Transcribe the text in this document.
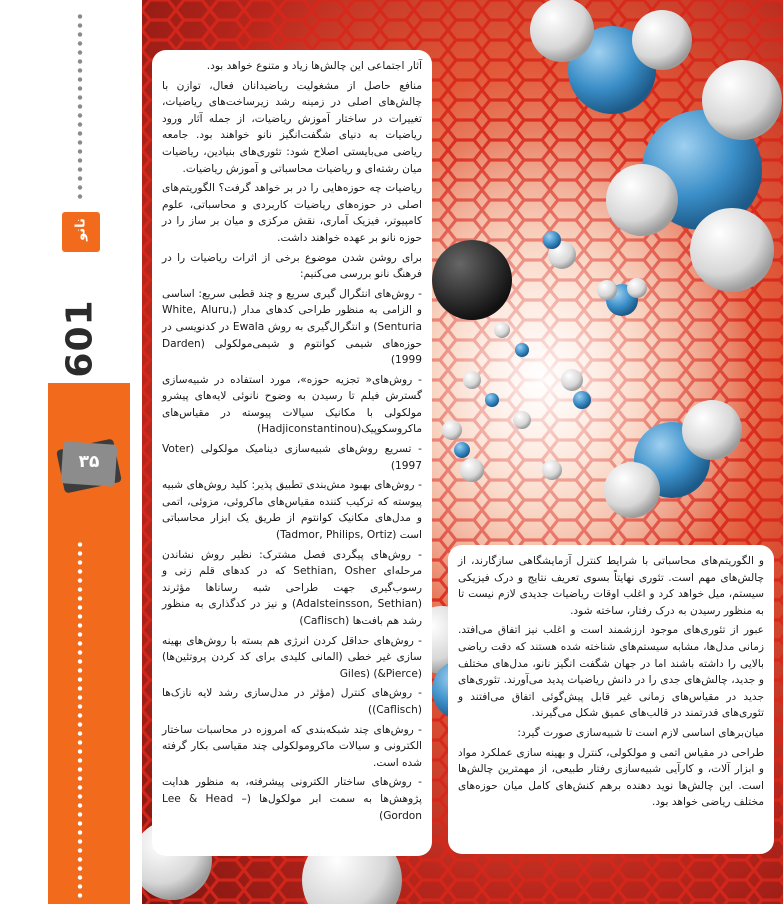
نانو
601
۳۵

آثار اجتماعی این چالش‌ها زیاد و متنوع خواهد بود.

منافع حاصل از مشغولیت ریاضیدانان فعال، توازن با چالش‌های اصلی در زمینه رشد زیرساخت‌های ریاضیات، تغییرات در ساختار آموزش ریاضیات، از جمله آثار ورود ریاضیات به دنیای شگفت‌انگیز نانو خواهند بود. جامعه ریاضی می‌بایستی اصلاح شود: تئوری‌های بنیادین، ریاضیات میان رشته‌ای و ریاضیات محاسباتی و آموزش ریاضیات.

ریاضیات چه حوزه‌هایی را در بر خواهد گرفت؟ الگوریتم‌های اصلی در حوزه‌های ریاضیات کاربردی و محاسباتی، علوم کامپیوتر، فیزیک آماری، نقش مرکزی و میان بر ساز را در حوزه نانو بر عهده خواهند داشت.

برای روشن شدن موضوع برخی از اثرات ریاضیات را در فرهنگ نانو بررسی می‌کنیم:

- روش‌های انتگرال گیری سریع و چند قطبی سریع: اساسی و الزامی به منظور طراحی کدهای مدار (White, Aluru, Senturia) و انتگرال‌گیری به روش Ewala در کدنویسی در حوزه‌های شیمی کوانتوم و شیمی‌مولکولی (Darden 1999)

- روش‌های« تجزیه حوزه»، مورد استفاده در شبیه‌سازی گسترش فیلم تا رسیدن به وضوح نانوئی لایه‌های پیشرو مولکولی با مکانیک سیالات پیوسته در مقیاس‌های ماکروسکوپیک(Hadjiconstantinou)

- تسریع روش‌های شبیه‌سازی دینامیک مولکولی (Voter 1997)

- روش‌های بهبود مش‌بندی تطبیق پذیر: کلید روش‌های شبیه پیوسته که ترکیب کننده مقیاس‌های ماکروئی، مزوئی، اتمی و مدل‌های مکانیک کوانتوم از طریق یک ابزار محاسباتی است (Tadmor, Philips, Ortiz)

- روش‌های پیگردی فصل مشترک: نظیر روش نشاندن مرحله‌ای Sethian, Osher که در کدهای قلم زنی و رسوب‌گیری جهت طراحی شبه رسانا‌ها مؤثرند (Adalsteinsson, Sethian) و نیز در کدگذاری به منظور رشد هم بافت‌ها (Caflisch)

- روش‌های حداقل کردن انرژی هم بسته با روش‌های بهینه سازی غیر خطی (المانی کلیدی برای کد کردن پروتئین‌ها) (Pierce&) (Giles

- روش‌های کنترل (مؤثر در مدل‌سازی رشد لایه نازک‌ها (Caflisch))

- روش‌های چند شبکه‌بندی که امروزه در محاسبات ساختار الکترونی و سیالات ماکرومولکولی چند مقیاسی بکار گرفته شده است.

- روش‌های ساختار الکترونی پیشرفته، به منظور هدایت پژوهش‌ها به سمت ابر مولکول‌ها (Lee & Head – Gordon)

و الگوریتم‌های محاسباتی با شرایط کنترل آزمایشگاهی سازگارند، از چالش‌های مهم است. تئوری نهایتاً بسوی تعریف نتایج و درک فیزیکی سیستم، میل خواهد کرد و اغلب اوقات ریاضیات جدیدی لازم نیست تا به منظور رسیدن به درک رفتار، ساخته شود.

عبور از تئوری‌های موجود ارزشمند است و اغلب نیز اتفاق می‌افتد. زمانی مدل‌ها، مشابه سیستم‌های شناخته شده هستند که دقت ریاضی بالایی را داشته باشند اما در جهان شگفت انگیز نانو، مدل‌های مختلف و جدید، چالش‌های جدی را در دانش ریاضیات پدید می‌آورند. تئوری‌های جدید در مقیاس‌های زمانی غیر قابل پیش‌گوئی اتفاق می‌افتند و تئوری‌های قدرتمند در قالب‌های عمیق شکل می‌گیرند.

میان‌برهای اساسی لازم است تا شبیه‌سازی صورت گیرد:

طراحی در مقیاس اتمی و مولکولی، کنترل و بهینه سازی عملکرد مواد و ابزار آلات، و کارآیی شبیه‌سازی رفتار طبیعی، از مهمترین چالش‌ها است. این چالش‌ها نوید دهنده برهم کنش‌های کامل میان حوزه‌های مختلف ریاضی خواهد بود.
